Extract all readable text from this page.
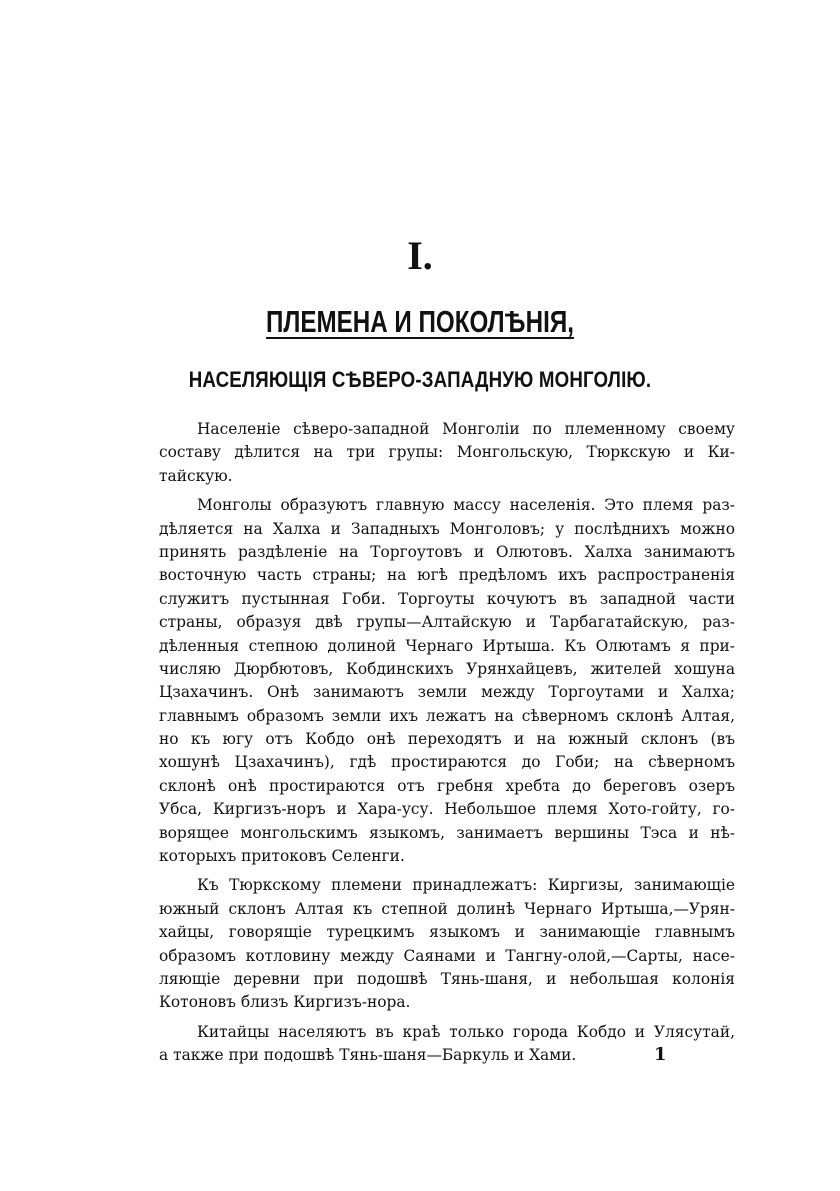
I.
ПЛЕМЕНА И ПОКОЛѢНІЯ,
НАСЕЛЯЮЩІЯ СѢВЕРО-ЗАПАДНУЮ МОНГОЛІЮ.

Населеніе сѣверо-западной Монголіи по племенному своему
составу дѣлится на три групы: Монгольскую, Тюркскую и Ки-
тайскую.

Монголы образуютъ главную массу населенія. Это племя раз-
дѣляется на Халха и Западныхъ Монголовъ; у послѣднихъ можно
принять раздѣленіе на Торгоутовъ и Олютовъ. Халха занимаютъ
восточную часть страны; на югѣ предѣломъ ихъ распространенія
служитъ пустынная Гоби. Торгоуты кочуютъ въ западной части
страны, образуя двѣ групы—Алтайскую и Тарбагатайскую, раз-
дѣленныя степною долиной Чернаго Иртыша. Къ Олютамъ я при-
числяю Дюрбютовъ, Кобдинскихъ Урянхайцевъ, жителей хошуна
Цзахачинъ. Онѣ занимаютъ земли между Торгоутами и Халха;
главнымъ образомъ земли ихъ лежатъ на сѣверномъ склонѣ Алтая,
но къ югу отъ Кобдо онѣ переходятъ и на южный склонъ (въ
хошунѣ Цзахачинъ), гдѣ простираются до Гоби; на сѣверномъ
склонѣ онѣ простираются отъ гребня хребта до береговъ озеръ
Убса, Киргизъ-норъ и Хара-усу. Небольшое племя Хото-гойту, го-
ворящее монгольскимъ языкомъ, занимаетъ вершины Тэса и нѣ-
которыхъ притоковъ Селенги.

Къ Тюркскому племени принадлежатъ: Киргизы, занимающіе
южный склонъ Алтая къ степной долинѣ Чернаго Иртыша,—Урян-
хайцы, говорящіе турецкимъ языкомъ и занимающіе главнымъ
образомъ котловину между Саянами и Тангну-олой,—Сарты, насе-
ляющіе деревни при подошвѣ Тянь-шаня, и небольшая колонія
Котоновъ близъ Киргизъ-нора.

Китайцы населяютъ въ краѣ только города Кобдо и Улясутай,
а также при подошвѣ Тянь-шаня—Баркуль и Хами.	1
